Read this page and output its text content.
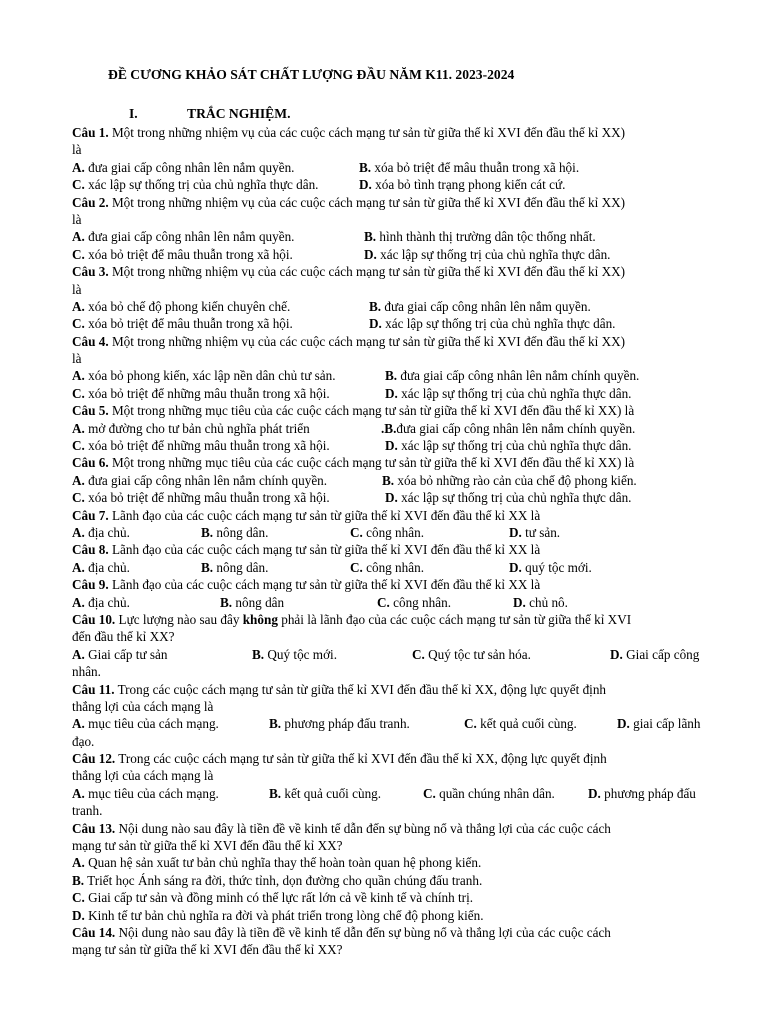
ĐỀ CƯƠNG KHẢO SÁT CHẤT LƯỢNG ĐẦU NĂM K11. 2023-2024
I.	TRẮC NGHIỆM.
Câu 1. Một trong những nhiệm vụ của các cuộc cách mạng tư sản từ giữa thế kỉ XVI đến đầu thế kỉ XX)
là
A. đưa giai cấp công nhân lên nắm quyền.	B. xóa bỏ triệt để mâu thuẫn trong xã hội.
C. xác lập sự thống trị của chủ nghĩa thực dân.	D. xóa bỏ tình trạng phong kiến cát cứ.
Câu 2. Một trong những nhiệm vụ của các cuộc cách mạng tư sản từ giữa thế kỉ XVI đến đầu thế kỉ XX)
là
A. đưa giai cấp công nhân lên nắm quyền.	B. hình thành thị trường dân tộc thống nhất.
C. xóa bỏ triệt để mâu thuẫn trong xã hội.	D. xác lập sự thống trị của chủ nghĩa thực dân.
Câu 3. Một trong những nhiệm vụ của các cuộc cách mạng tư sản từ giữa thế kỉ XVI đến đầu thế kỉ XX)
là
A. xóa bỏ chế độ phong kiến chuyên chế.	B. đưa giai cấp công nhân lên nắm quyền.
C. xóa bỏ triệt để mâu thuẫn trong xã hội.	D. xác lập sự thống trị của chủ nghĩa thực dân.
Câu 4. Một trong những nhiệm vụ của các cuộc cách mạng tư sản từ giữa thế kỉ XVI đến đầu thế kỉ XX)
là
A. xóa bỏ phong kiến, xác lập nền dân chủ tư sản.	B. đưa giai cấp công nhân lên nắm chính quyền.
C. xóa bỏ triệt để những mâu thuẫn trong xã hội.	D. xác lập sự thống trị của chủ nghĩa thực dân.
Câu 5. Một trong những mục tiêu của các cuộc cách mạng tư sản từ giữa thế kỉ XVI đến đầu thế kỉ XX) là
A. mở đường cho tư bản chủ nghĩa phát triển	.B.đưa giai cấp công nhân lên nắm chính quyền.
C. xóa bỏ triệt để những mâu thuẫn trong xã hội.	D. xác lập sự thống trị của chủ nghĩa thực dân.
Câu 6. Một trong những mục tiêu của các cuộc cách mạng tư sản từ giữa thế kỉ XVI đến đầu thế kỉ XX) là
A. đưa giai cấp công nhân lên nắm chính quyền.	B. xóa bỏ những rào cản của chế độ phong kiến.
C. xóa bỏ triệt để những mâu thuẫn trong xã hội.	D. xác lập sự thống trị của chủ nghĩa thực dân.
Câu 7. Lãnh đạo của các cuộc cách mạng tư sản từ giữa thế kỉ XVI đến đầu thế kỉ XX là
A. địa chủ.	B. nông dân.	C. công nhân.	D. tư sản.
Câu 8. Lãnh đạo của các cuộc cách mạng tư sản từ giữa thế kỉ XVI đến đầu thế kỉ XX là
A. địa chủ.	B. nông dân.	C. công nhân.	D. quý tộc mới.
Câu 9. Lãnh đạo của các cuộc cách mạng tư sản từ giữa thế kỉ XVI đến đầu thế kỉ XX là
A. địa chủ.	B. nông dân	C. công nhân.	D. chủ nô.
Câu 10. Lực lượng nào sau đây không phải là lãnh đạo của các cuộc cách mạng tư sản từ giữa thế kỉ XVI
đến đầu thế kỉ XX?
A. Giai cấp tư sản	B. Quý tộc mới.	C. Quý tộc tư sản hóa.	D. Giai cấp công
nhân.
Câu 11. Trong các cuộc cách mạng tư sản từ giữa thế kỉ XVI đến đầu thế kỉ XX, động lực quyết định
thắng lợi của cách mạng là
A. mục tiêu của cách mạng.	B. phương pháp đấu tranh.	C. kết quả cuối cùng.	D. giai cấp lãnh
đạo.
Câu 12. Trong các cuộc cách mạng tư sản từ giữa thế kỉ XVI đến đầu thế kỉ XX, động lực quyết định
thắng lợi của cách mạng là
A. mục tiêu của cách mạng.	B. kết quả cuối cùng.	C. quần chúng nhân dân.	D. phương pháp đấu
tranh.
Câu 13. Nội dung nào sau đây là tiền đề về kinh tế dẫn đến sự bùng nổ và thắng lợi của các cuộc cách
mạng tư sản từ giữa thế kỉ XVI đến đầu thế kỉ XX?
A. Quan hệ sản xuất tư bản chủ nghĩa thay thế hoàn toàn quan hệ phong kiến.
B. Triết học Ánh sáng ra đời, thức tỉnh, dọn đường cho quần chúng đấu tranh.
C. Giai cấp tư sản và đồng minh có thế lực rất lớn cả về kinh tế và chính trị.
D. Kinh tế tư bản chủ nghĩa ra đời và phát triển trong lòng chế độ phong kiến.
Câu 14. Nội dung nào sau đây là tiền đề về kinh tế dẫn đến sự bùng nổ và thắng lợi của các cuộc cách
mạng tư sản từ giữa thế kỉ XVI đến đầu thế kỉ XX?
